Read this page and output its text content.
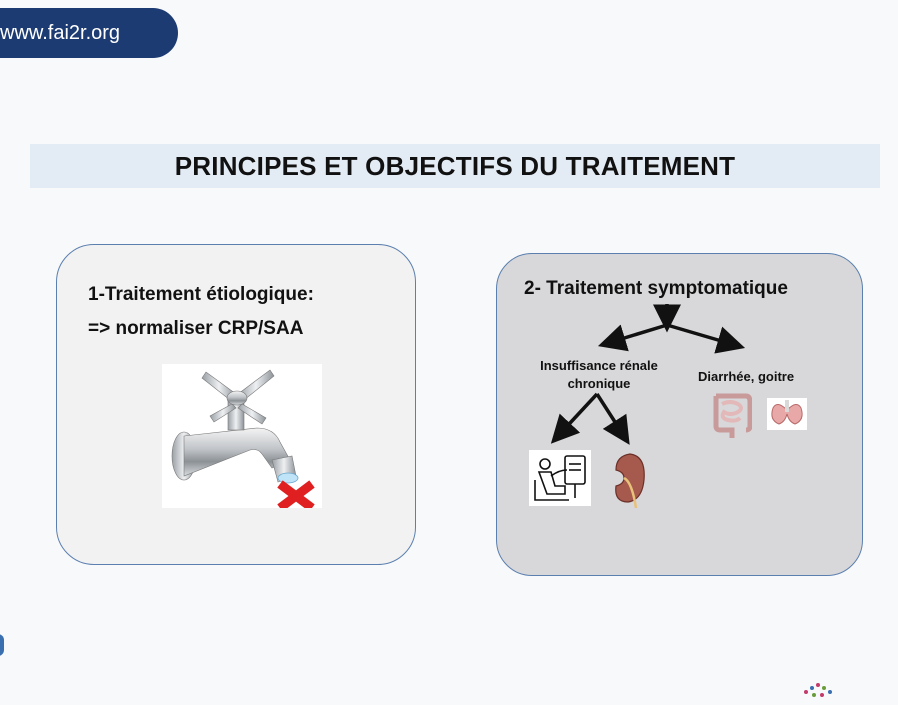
www.fai2r.org
PRINCIPES ET OBJECTIFS DU TRAITEMENT
1-Traitement étiologique:
=> normaliser CRP/SAA
2- Traitement symptomatique
Insuffisance rénale chronique	Diarrhée, goitre
